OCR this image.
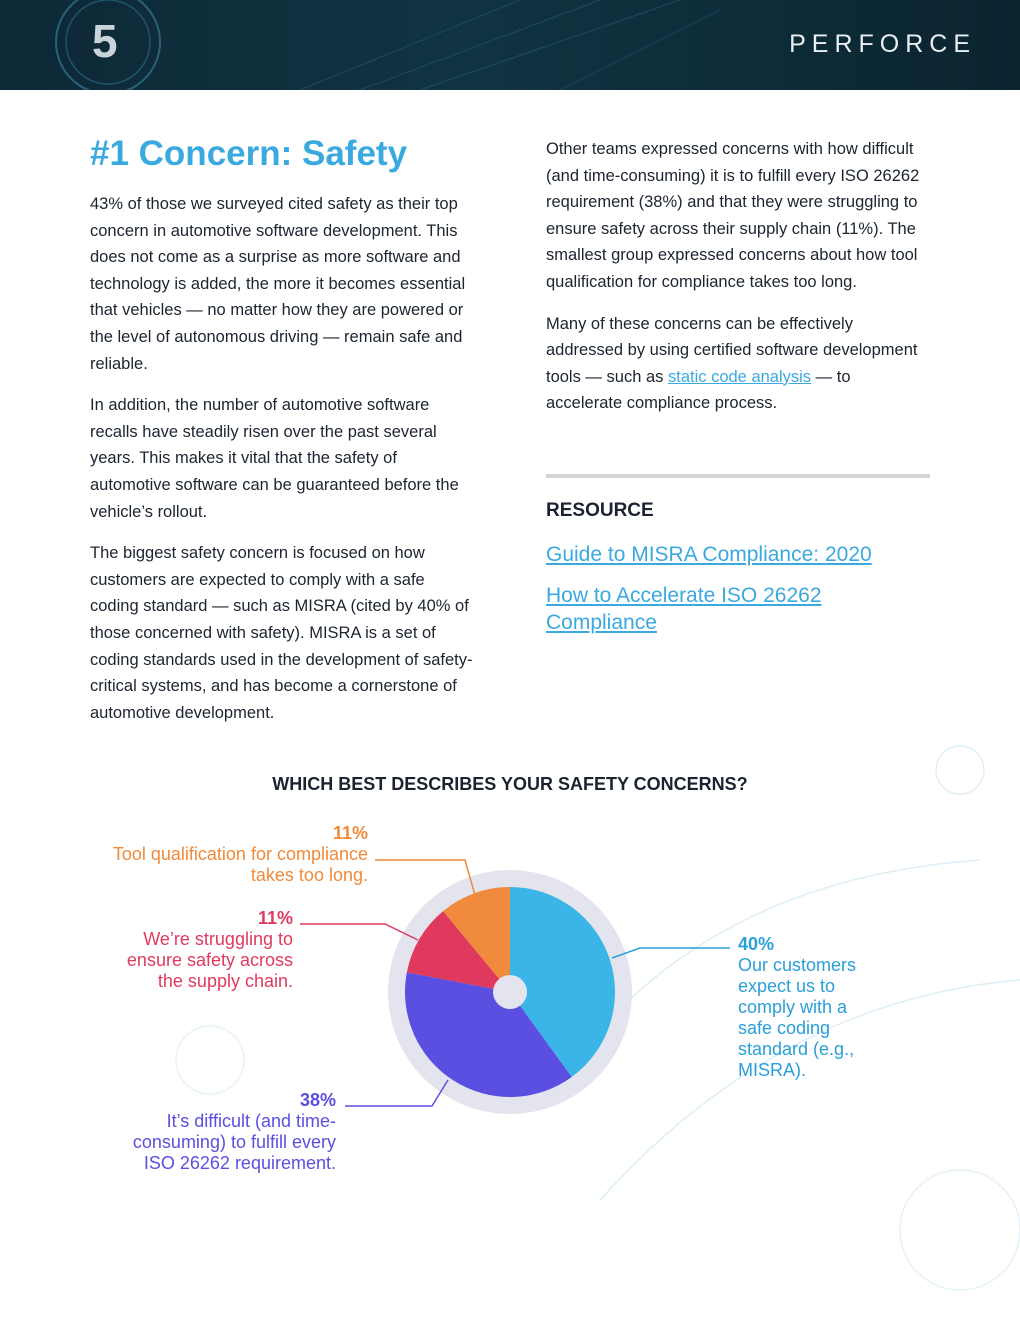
5	PERFORCE
#1 Concern: Safety

43% of those we surveyed cited safety as their top concern in automotive software development. This does not come as a surprise as more software and technology is added, the more it becomes essential that vehicles — no matter how they are powered or the level of autonomous driving — remain safe and reliable.

In addition, the number of automotive software recalls have steadily risen over the past several years. This makes it vital that the safety of automotive software can be guaranteed before the vehicle’s rollout.

The biggest safety concern is focused on how customers are expected to comply with a safe coding standard — such as MISRA (cited by 40% of those concerned with safety). MISRA is a set of coding standards used in the development of safety-critical systems, and has become a cornerstone of automotive development.

Other teams expressed concerns with how difficult (and time-consuming) it is to fulfill every ISO 26262 requirement (38%) and that they were struggling to ensure safety across their supply chain (11%). The smallest group expressed concerns about how tool qualification for compliance takes too long.

Many of these concerns can be effectively addressed by using certified software development tools — such as static code analysis — to accelerate compliance process.

RESOURCE
Guide to MISRA Compliance: 2020
How to Accelerate ISO 26262 Compliance
WHICH BEST DESCRIBES YOUR SAFETY CONCERNS?
11%
Tool qualification for compliance takes too long.
11%
We’re struggling to ensure safety across the supply chain.
38%
It’s difficult (and time-consuming) to fulfill every ISO 26262 requirement.
40%
Our customers expect us to comply with a safe coding standard (e.g., MISRA).
